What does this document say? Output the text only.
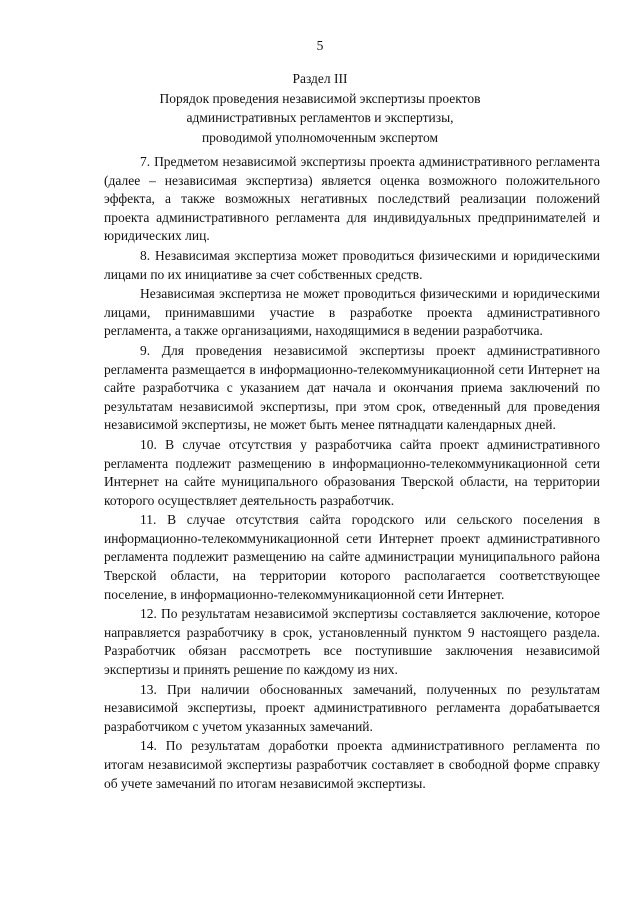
5
Раздел III
Порядок проведения независимой экспертизы проектов
административных регламентов и экспертизы,
проводимой уполномоченным экспертом

7. Предметом независимой экспертизы проекта административного регламента (далее – независимая экспертиза) является оценка возможного положительного эффекта, а также возможных негативных последствий реализации положений проекта административного регламента для индивидуальных предпринимателей и юридических лиц.

8. Независимая экспертиза может проводиться физическими и юридическими лицами по их инициативе за счет собственных средств.

Независимая экспертиза не может проводиться физическими и юридическими лицами, принимавшими участие в разработке проекта административного регламента, а также организациями, находящимися в ведении разработчика.

9. Для проведения независимой экспертизы проект административного регламента размещается в информационно-телекоммуникационной сети Интернет на сайте разработчика с указанием дат начала и окончания приема заключений по результатам независимой экспертизы, при этом срок, отведенный для проведения независимой экспертизы, не может быть менее пятнадцати календарных дней.

10. В случае отсутствия у разработчика сайта проект административного регламента подлежит размещению в информационно-телекоммуникационной сети Интернет на сайте муниципального образования Тверской области, на территории которого осуществляет деятельность разработчик.

11. В случае отсутствия сайта городского или сельского поселения в информационно-телекоммуникационной сети Интернет проект административного регламента подлежит размещению на сайте администрации муниципального района Тверской области, на территории которого располагается соответствующее поселение, в информационно-телекоммуникационной сети Интернет.

12. По результатам независимой экспертизы составляется заключение, которое направляется разработчику в срок, установленный пунктом 9 настоящего раздела. Разработчик обязан рассмотреть все поступившие заключения независимой экспертизы и принять решение по каждому из них.

13. При наличии обоснованных замечаний, полученных по результатам независимой экспертизы, проект административного регламента дорабатывается разработчиком с учетом указанных замечаний.

14. По результатам доработки проекта административного регламента по итогам независимой экспертизы разработчик составляет в свободной форме справку об учете замечаний по итогам независимой экспертизы.
